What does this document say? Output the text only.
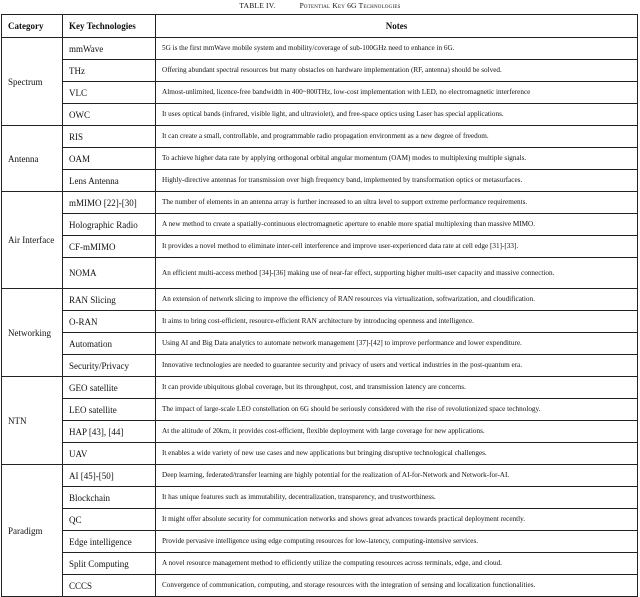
TABLE IV.	Potential Key 6G Technologies
Category	Key Technologies	Notes
Spectrum	mmWave	5G is the first mmWave mobile system and mobility/coverage of sub-100GHz need to enhance in 6G.
	THz	Offering abundant spectral resources but many obstacles on hardware implementation (RF, antenna) should be solved.
	VLC	Almost-unlimited, licence-free bandwidth in 400~800THz, low-cost implementation with LED, no electromagnetic interference
	OWC	It uses optical bands (infrared, visible light, and ultraviolet), and free-space optics using Laser has special applications.
Antenna	RIS	It can create a small, controllable, and programmable radio propagation environment as a new degree of freedom.
	OAM	To achieve higher data rate by applying orthogonal orbital angular momentum (OAM) modes to multiplexing multiple signals.
	Lens Antenna	Highly-directive antennas for transmission over high frequency band, implemented by transformation optics or metasurfaces.
Air Interface	mMIMO [22]-[30]	The number of elements in an antenna array is further increased to an ultra level to support extreme performance requirements.
	Holographic Radio	A new method to create a spatially-continuous electromagnetic aperture to enable more spatial multiplexing than massive MIMO.
	CF-mMIMO	It provides a novel method to eliminate inter-cell interference and improve user-experienced data rate at cell edge [31]-[33].
	NOMA	An efficient multi-access method [34]-[36] making use of near-far effect, supporting higher multi-user capacity and massive connection.
Networking	RAN Slicing	An extension of network slicing to improve the efficiency of RAN resources via virtualization, softwarization, and cloudification.
	O-RAN	It aims to bring cost-efficient, resource-efficient RAN architecture by introducing openness and intelligence.
	Automation	Using AI and Big Data analytics to automate network management [37]-[42] to improve performance and lower expenditure.
	Security/Privacy	Innovative technologies are needed to guarantee security and privacy of users and vertical industries in the post-quantum era.
NTN	GEO satellite	It can provide ubiquitous global coverage, but its throughput, cost, and transmission latency are concerns.
	LEO satellite	The impact of large-scale LEO constellation on 6G should be seriously considered with the rise of revolutionized space technology.
	HAP [43], [44]	At the altitude of 20km, it provides cost-efficient, flexible deployment with large coverage for new applications.
	UAV	It enables a wide variety of new use cases and new applications but bringing disruptive technological challenges.
Paradigm	AI [45]-[50]	Deep learning, federated/transfer learning are highly potential for the realization of AI-for-Network and Network-for-AI.
	Blockchain	It has unique features such as immutability, decentralization, transparency, and trustworthiness.
	QC	It might offer absolute security for communication networks and shows great advances towards practical deployment recently.
	Edge intelligence	Provide pervasive intelligence using edge computing resources for low-latency, computing-intensive services.
	Split Computing	A novel resource management method to efficiently utilize the computing resources across terminals, edge, and cloud.
	CCCS	Convergence of communication, computing, and storage resources with the integration of sensing and localization functionalities.
